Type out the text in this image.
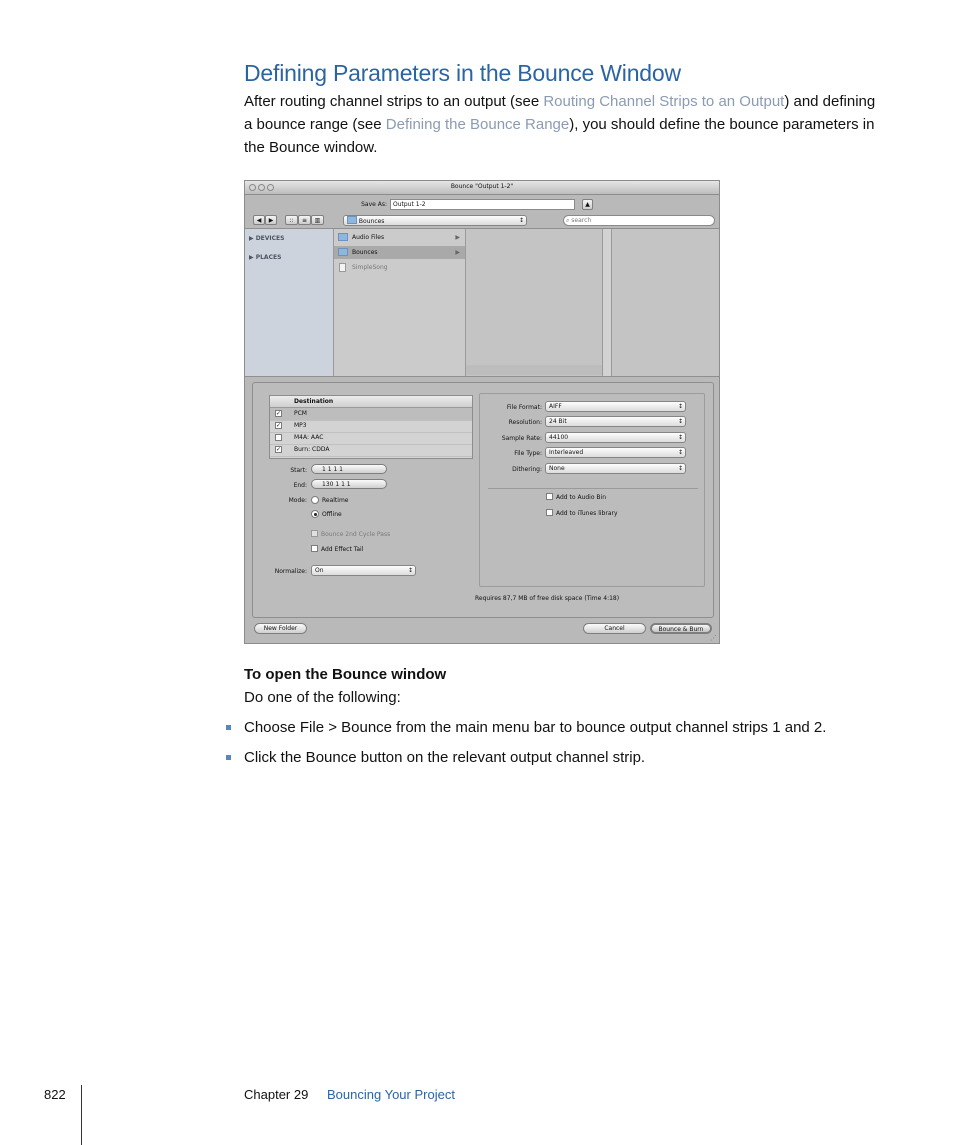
Defining Parameters in the Bounce Window

After routing channel strips to an output (see Routing Channel Strips to an Output) and defining a bounce range (see Defining the Bounce Range), you should define the bounce parameters in the Bounce window.

Bounce "Output 1-2"
Save As:	Output 1-2	▲
◀	▶	::	≡	▥	Bounces	↕	⌕ search
▶ DEVICES
▶ PLACES
Audio Files	▶
Bounces	▶
SimpleSong
Destination
✓ PCM
✓ MP3
M4A: AAC
✓ Burn: CDDA
Start:	1 1 1 1
End:	130 1 1 1
Mode:	Realtime
Offline
Bounce 2nd Cycle Pass
Add Effect Tail
Normalize:	On	↕
File Format:	AIFF	↕
Resolution:	24 Bit	↕
Sample Rate:	44100	↕
File Type:	Interleaved	↕
Dithering:	None	↕
Add to Audio Bin
Add to iTunes library
Requires 87,7 MB of free disk space (Time 4:18)
New Folder	Cancel	Bounce & Burn
⋰

To open the Bounce window

Do one of the following:

Choose File > Bounce from the main menu bar to bounce output channel strips 1 and 2.
Click the Bounce button on the relevant output channel strip.
822	Chapter 29 Bouncing Your Project
